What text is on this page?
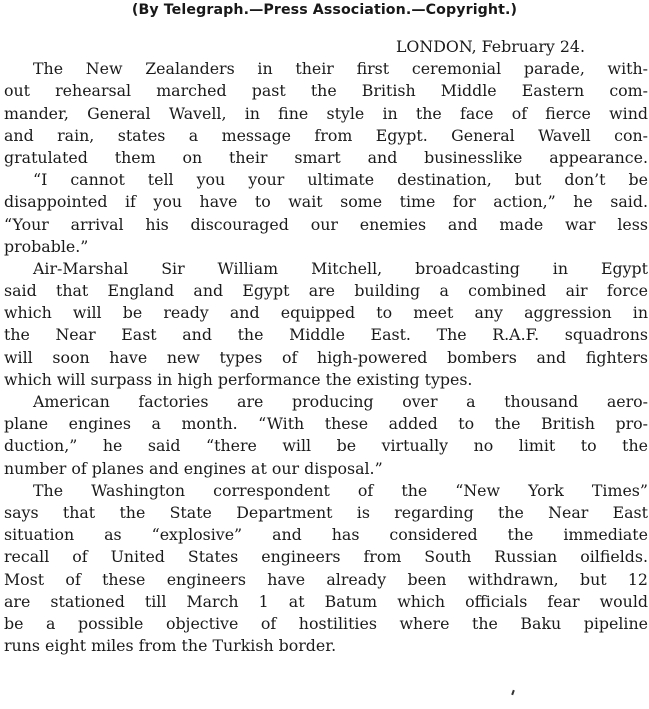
(By Telegraph.—Press Association.—Copyright.)
LONDON, February 24.
The New Zealanders in their first ceremonial parade, with-
out rehearsal marched past the British Middle Eastern com-
mander, General Wavell, in fine style in the face of fierce wind
and rain, states a message from Egypt. General Wavell con-
gratulated them on their smart and businesslike appearance.
“I cannot tell you your ultimate destination, but don’t be
disappointed if you have to wait some time for action,” he said.
“Your arrival his discouraged our enemies and made war less
probable.”
Air-Marshal Sir William Mitchell, broadcasting in Egypt
said that England and Egypt are building a combined air force
which will be ready and equipped to meet any aggression in
the Near East and the Middle East. The R.A.F. squadrons
will soon have new types of high-powered bombers and fighters
which will surpass in high performance the existing types.
American factories are producing over a thousand aero-
plane engines a month. “With these added to the British pro-
duction,” he said “there will be virtually no limit to the
number of planes and engines at our disposal.”
The Washington correspondent of the “New York Times”
says that the State Department is regarding the Near East
situation as “explosive” and has considered the immediate
recall of United States engineers from South Russian oilfields.
Most of these engineers have already been withdrawn, but 12
are stationed till March 1 at Batum which officials fear would
be a possible objective of hostilities where the Baku pipeline
runs eight miles from the Turkish border.
